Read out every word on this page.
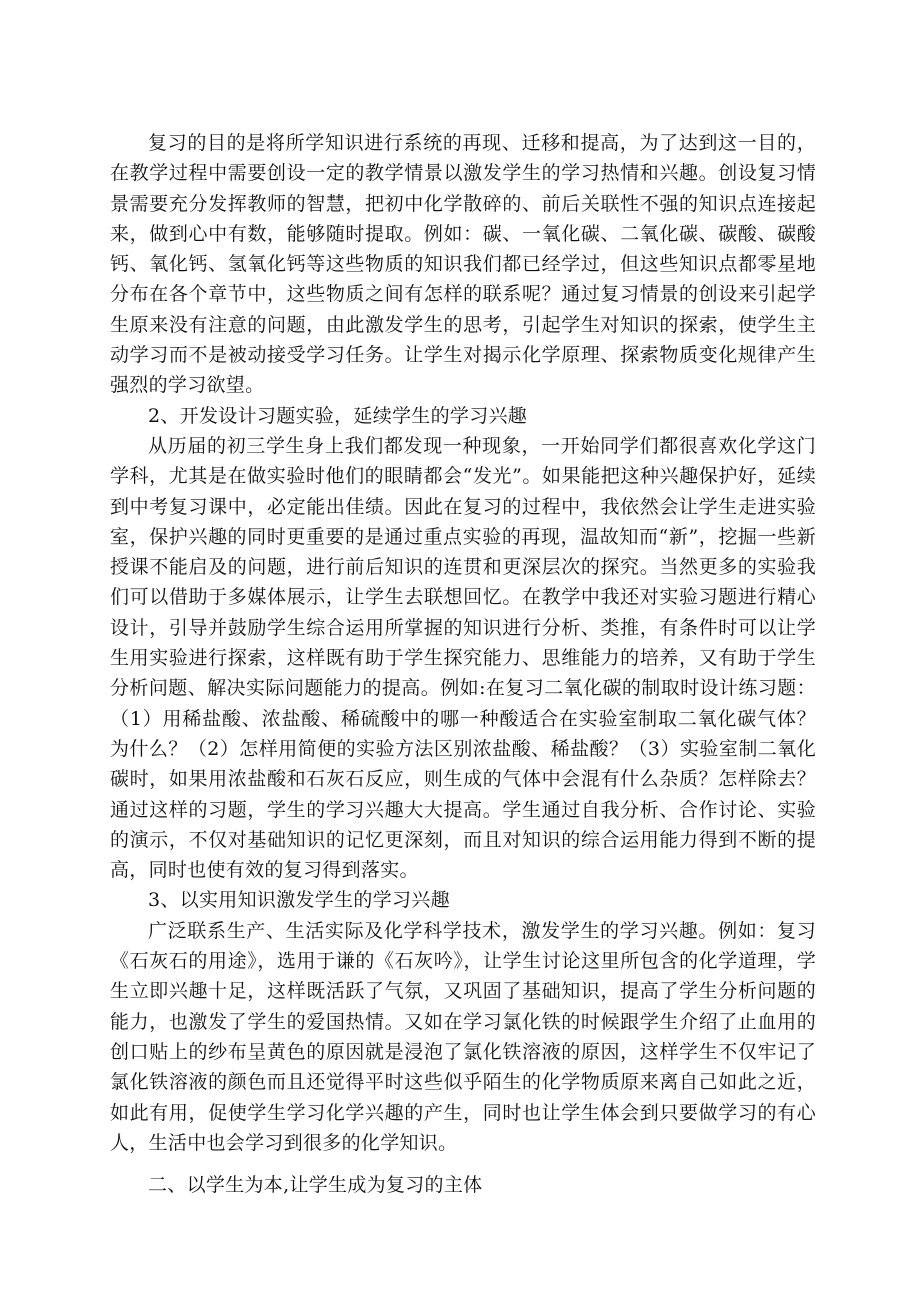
复习的目的是将所学知识进行系统的再现、迁移和提高，为了达到这一目的，在教学过程中需要创设一定的教学情景以激发学生的学习热情和兴趣。创设复习情景需要充分发挥教师的智慧，把初中化学散碎的、前后关联性不强的知识点连接起来，做到心中有数，能够随时提取。例如：碳、一氧化碳、二氧化碳、碳酸、碳酸钙、氧化钙、氢氧化钙等这些物质的知识我们都已经学过，但这些知识点都零星地分布在各个章节中，这些物质之间有怎样的联系呢？通过复习情景的创设来引起学生原来没有注意的问题，由此激发学生的思考，引起学生对知识的探索，使学生主动学习而不是被动接受学习任务。让学生对揭示化学原理、探索物质变化规律产生强烈的学习欲望。

2、开发设计习题实验，延续学生的学习兴趣

从历届的初三学生身上我们都发现一种现象，一开始同学们都很喜欢化学这门学科，尤其是在做实验时他们的眼睛都会“发光”。如果能把这种兴趣保护好，延续到中考复习课中，必定能出佳绩。因此在复习的过程中，我依然会让学生走进实验室，保护兴趣的同时更重要的是通过重点实验的再现，温故知而“新”，挖掘一些新授课不能启及的问题，进行前后知识的连贯和更深层次的探究。当然更多的实验我们可以借助于多媒体展示，让学生去联想回忆。在教学中我还对实验习题进行精心设计，引导并鼓励学生综合运用所掌握的知识进行分析、类推，有条件时可以让学生用实验进行探索，这样既有助于学生探究能力、思维能力的培养，又有助于学生分析问题、解决实际问题能力的提高。例如:在复习二氧化碳的制取时设计练习题：（1）用稀盐酸、浓盐酸、稀硫酸中的哪一种酸适合在实验室制取二氧化碳气体？为什么？（2）怎样用简便的实验方法区别浓盐酸、稀盐酸？（3）实验室制二氧化碳时，如果用浓盐酸和石灰石反应，则生成的气体中会混有什么杂质？怎样除去？通过这样的习题，学生的学习兴趣大大提高。学生通过自我分析、合作讨论、实验的演示，不仅对基础知识的记忆更深刻，而且对知识的综合运用能力得到不断的提高，同时也使有效的复习得到落实。

3、以实用知识激发学生的学习兴趣

广泛联系生产、生活实际及化学科学技术，激发学生的学习兴趣。例如：复习《石灰石的用途》，选用于谦的《石灰吟》，让学生讨论这里所包含的化学道理，学生立即兴趣十足，这样既活跃了气氛，又巩固了基础知识，提高了学生分析问题的能力，也激发了学生的爱国热情。又如在学习氯化铁的时候跟学生介绍了止血用的创口贴上的纱布呈黄色的原因就是浸泡了氯化铁溶液的原因，这样学生不仅牢记了氯化铁溶液的颜色而且还觉得平时这些似乎陌生的化学物质原来离自己如此之近，如此有用，促使学生学习化学兴趣的产生，同时也让学生体会到只要做学习的有心人，生活中也会学习到很多的化学知识。

二、以学生为本,让学生成为复习的主体
